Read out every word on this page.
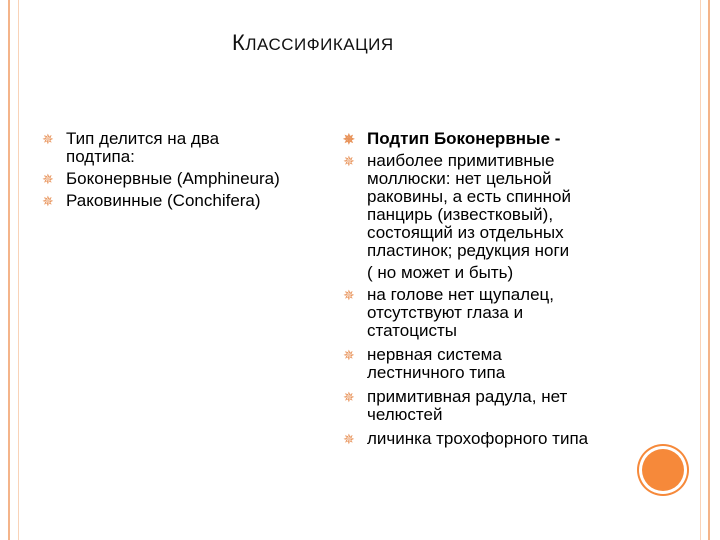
КЛАССИФИКАЦИЯ
✵
Тип делится на два подтипа:
✵
Боконервные (Amphineura)
✵
Раковинные (Conchifera)
✵
Подтип Боконервные -
✵
наиболее примитивные моллюски: нет цельной раковины, а есть спинной панцирь (известковый), состоящий из отдельных пластинок; редукция ноги
( но может и быть)
✵
на голове нет щупалец, отсутствуют глаза и статоцисты
✵
нервная система лестничного типа
✵
примитивная радула, нет челюстей
✵
личинка трохофорного типа
